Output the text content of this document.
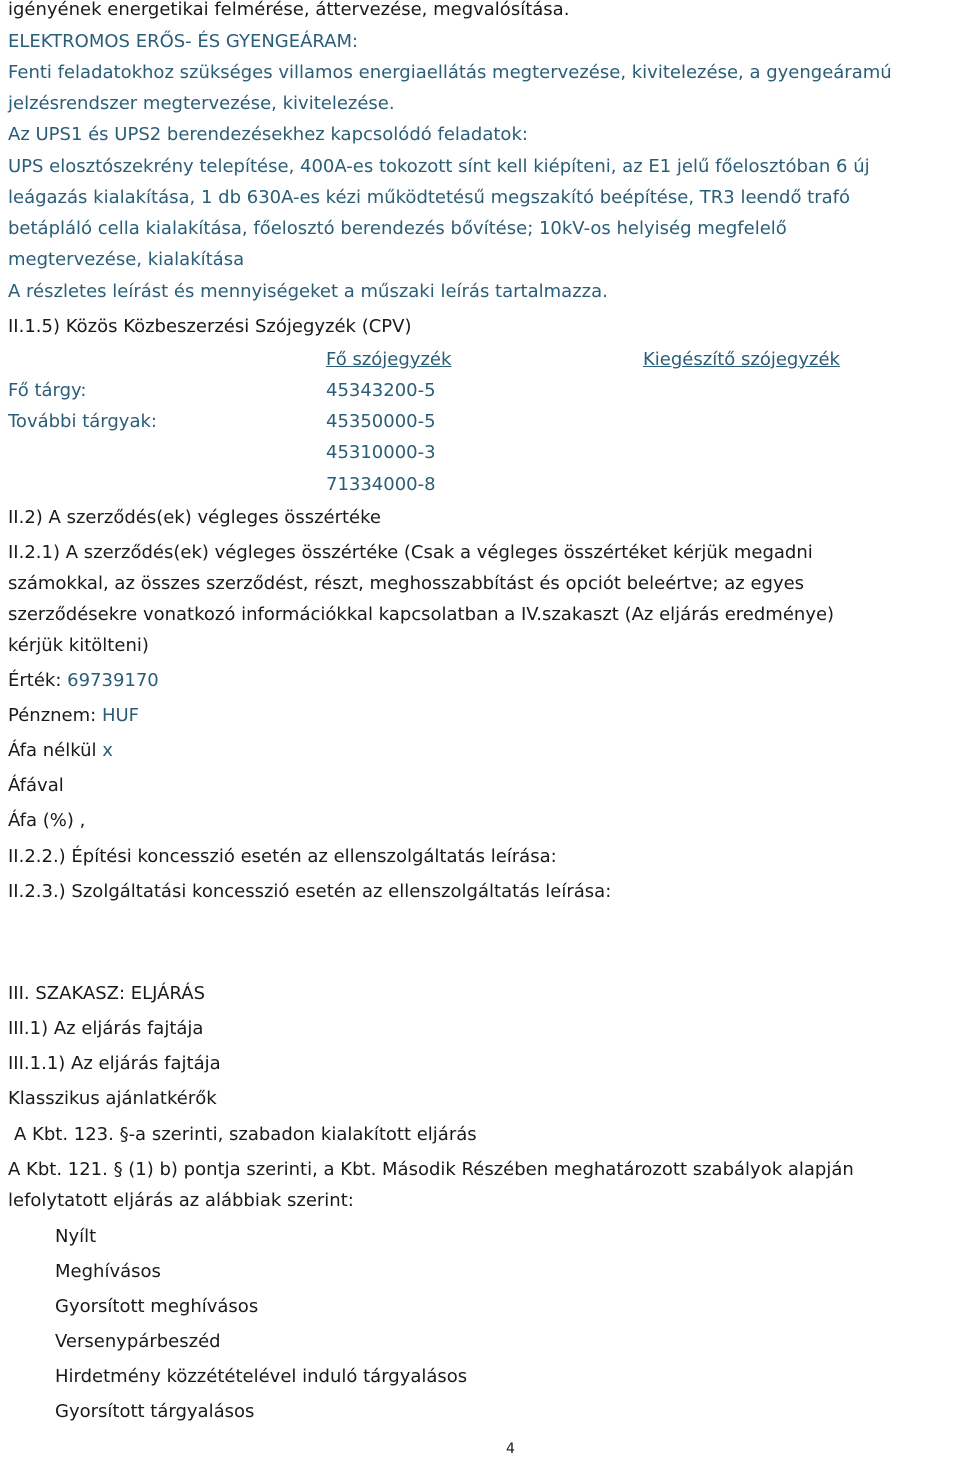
igényének energetikai felmérése, áttervezése, megvalósítása.
ELEKTROMOS ERŐS- ÉS GYENGEÁRAM:
Fenti feladatokhoz szükséges villamos energiaellátás megtervezése, kivitelezése, a gyengeáramú
jelzésrendszer megtervezése, kivitelezése.
Az UPS1 és UPS2 berendezésekhez kapcsolódó feladatok:
UPS elosztószekrény telepítése, 400A-es tokozott sínt kell kiépíteni, az E1 jelű főelosztóban 6 új
leágazás kialakítása, 1 db 630A-es kézi működtetésű megszakító beépítése, TR3 leendő trafó
betápláló cella kialakítása, főelosztó berendezés bővítése; 10kV-os helyiség megfelelő
megtervezése, kialakítása
A részletes leírást és mennyiségeket a műszaki leírás tartalmazza.
II.1.5) Közös Közbeszerzési Szójegyzék (CPV)
Fő szójegyzék	Kiegészítő szójegyzék
Fő tárgy:	45343200-5
További tárgyak:	45350000-5
45310000-3
71334000-8
II.2) A szerződés(ek) végleges összértéke
II.2.1) A szerződés(ek) végleges összértéke (Csak a végleges összértéket kérjük megadni
számokkal, az összes szerződést, részt, meghosszabbítást és opciót beleértve; az egyes
szerződésekre vonatkozó információkkal kapcsolatban a IV.szakaszt (Az eljárás eredménye)
kérjük kitölteni)
Érték: 69739170
Pénznem: HUF
Áfa nélkül x
Áfával
Áfa (%) ,
II.2.2.) Építési koncesszió esetén az ellenszolgáltatás leírása:
II.2.3.) Szolgáltatási koncesszió esetén az ellenszolgáltatás leírása:
III. SZAKASZ: ELJÁRÁS
III.1) Az eljárás fajtája
III.1.1) Az eljárás fajtája
Klasszikus ajánlatkérők
A Kbt. 123. §-a szerinti, szabadon kialakított eljárás
A Kbt. 121. § (1) b) pontja szerinti, a Kbt. Második Részében meghatározott szabályok alapján
lefolytatott eljárás az alábbiak szerint:
Nyílt
Meghívásos
Gyorsított meghívásos
Versenypárbeszéd
Hirdetmény közzétételével induló tárgyalásos
Gyorsított tárgyalásos
4
